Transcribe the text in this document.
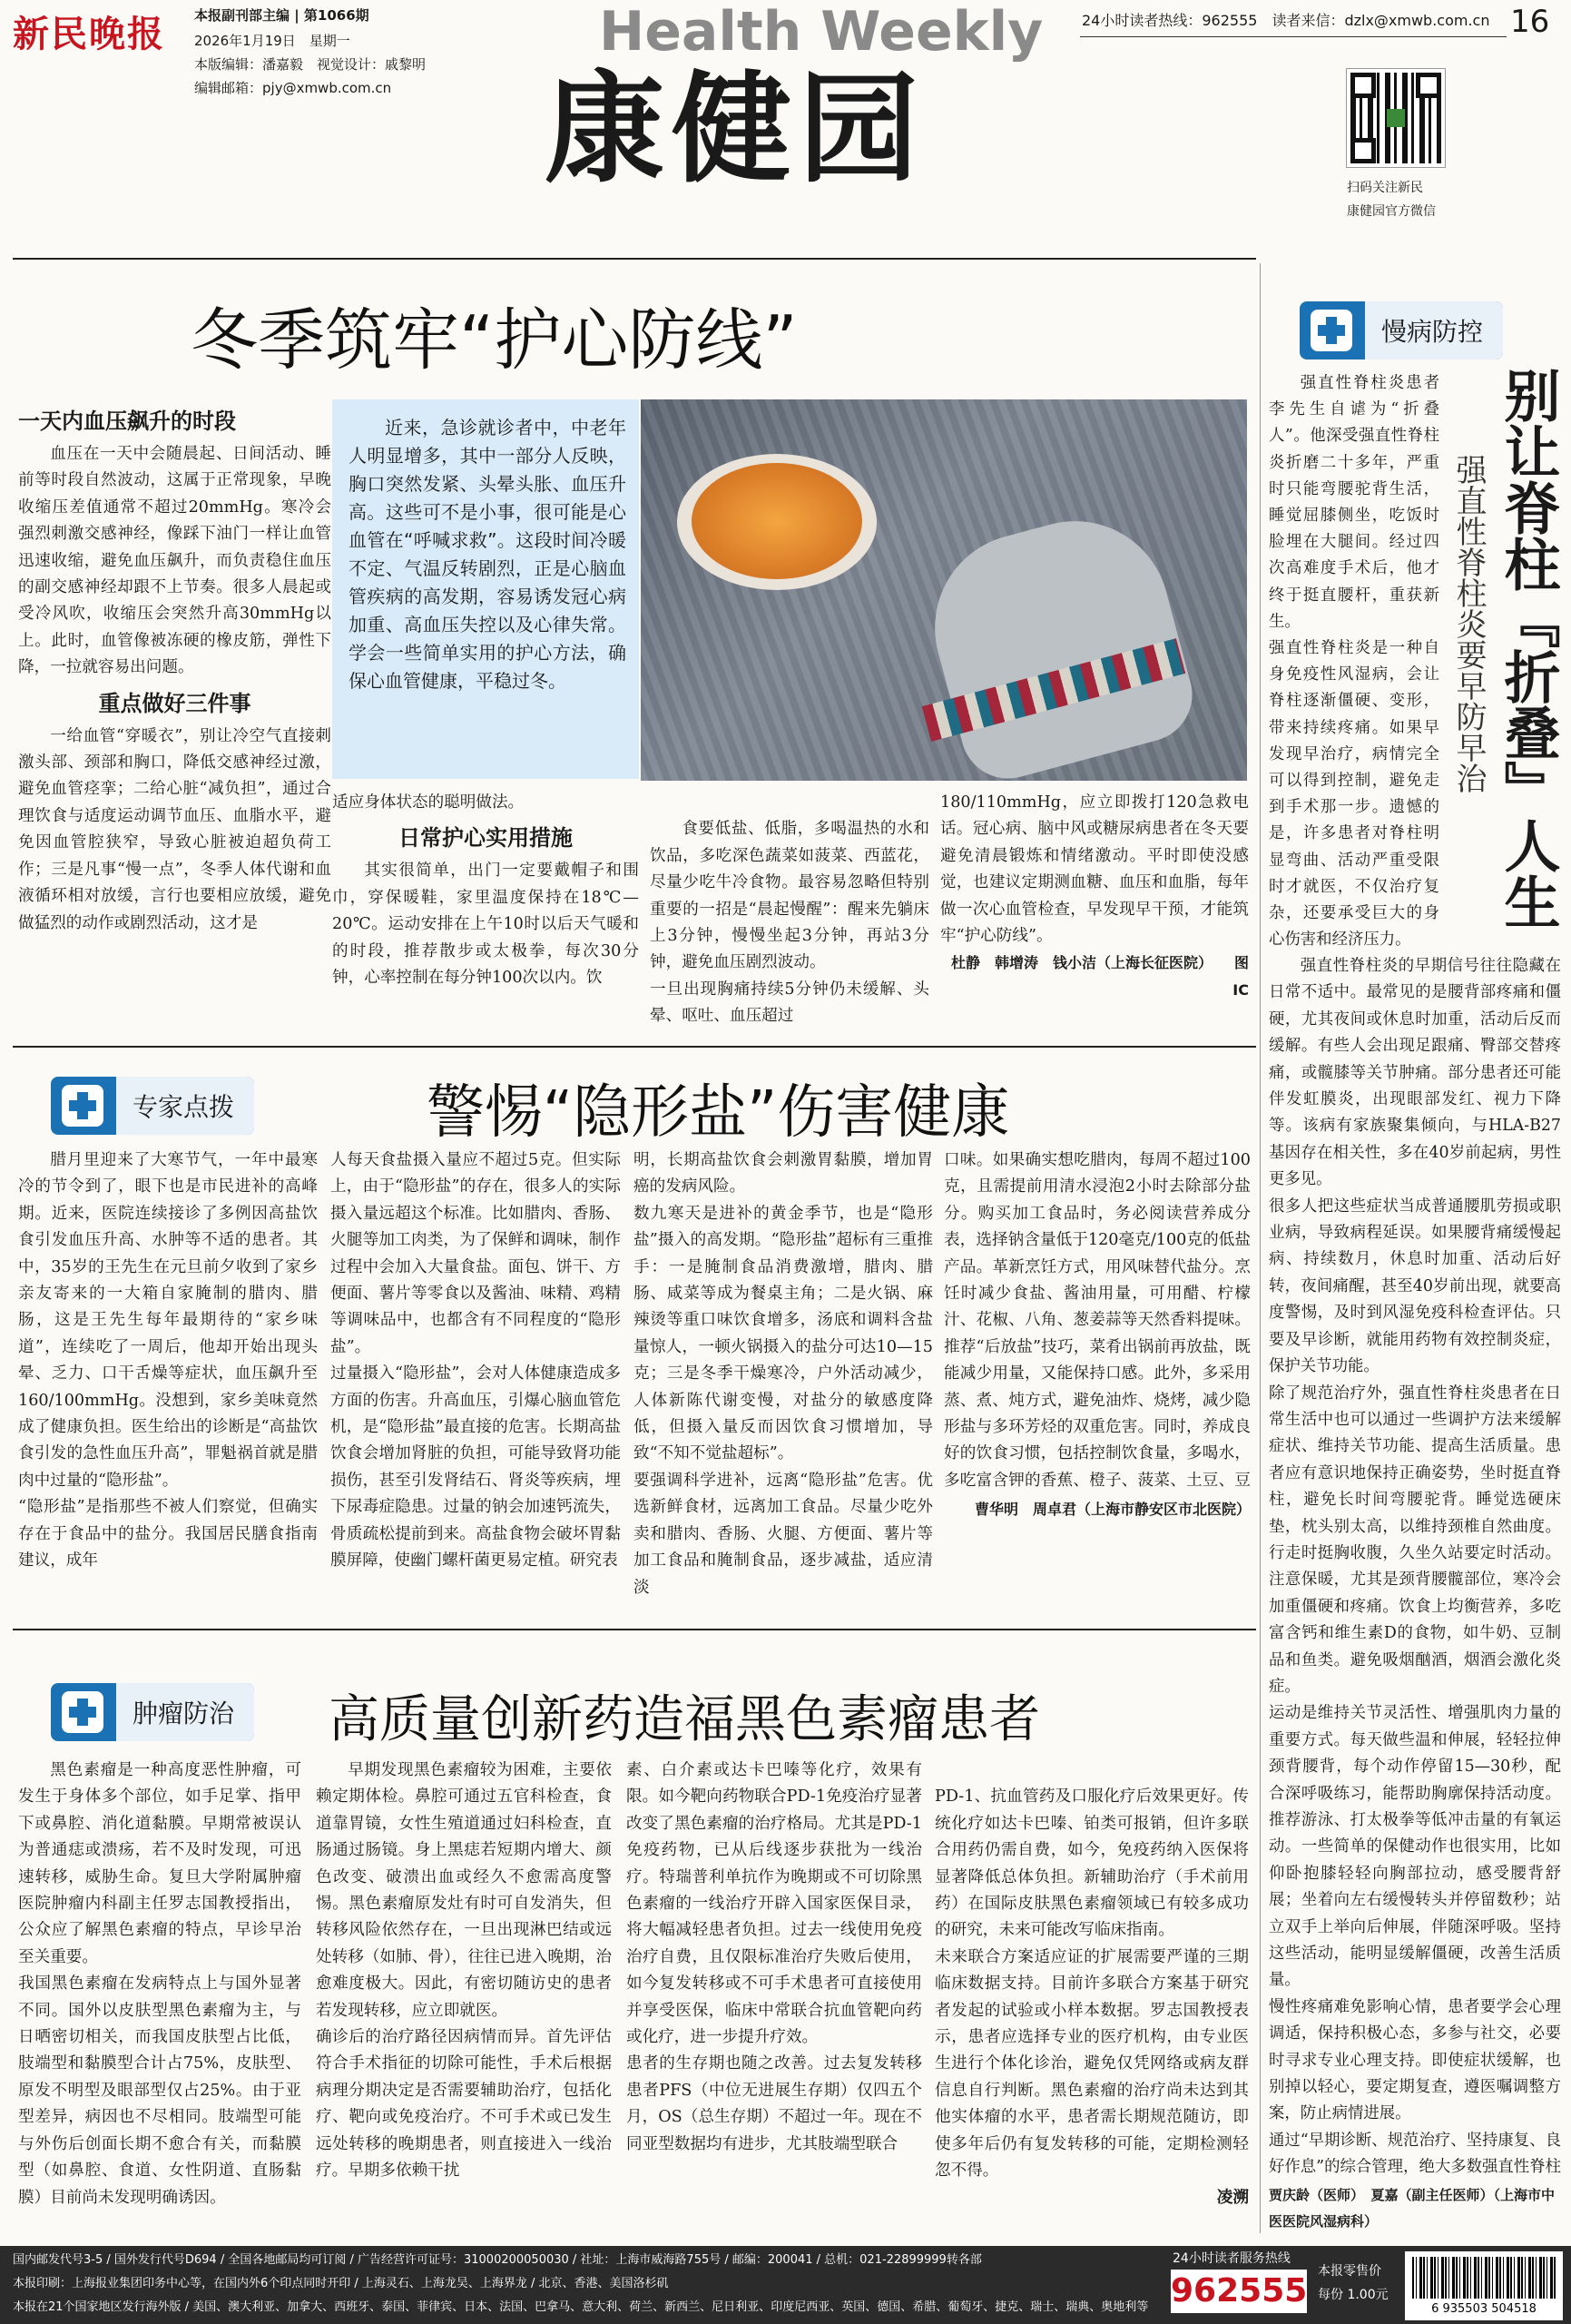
新民晚报 本报副刊部主编 | 第1066期
2026年1月19日　星期一
本版编辑：潘嘉毅　视觉设计：戚黎明
编辑邮箱：pjy@xmwb.com.cn
Health Weekly
康健园
24小时读者热线：962555　读者来信：dzlx@xmwb.com.cn 16
扫码关注新民
康健园官方微信
冬季筑牢“护心防线”
一天内血压飙升的时段

血压在一天中会随晨起、日间活动、睡前等时段自然波动，这属于正常现象，早晚收缩压差值通常不超过20mmHg。寒冷会强烈刺激交感神经，像踩下油门一样让血管迅速收缩，避免血压飙升，而负责稳住血压的副交感神经却跟不上节奏。很多人晨起或受冷风吹，收缩压会突然升高30mmHg以上。此时，血管像被冻硬的橡皮筋，弹性下降，一拉就容易出问题。

重点做好三件事

一给血管“穿暖衣”，别让冷空气直接刺激头部、颈部和胸口，降低交感神经过激，避免血管痉挛；二给心脏“减负担”，通过合理饮食与适度运动调节血压、血脂水平，避免因血管腔狭窄，导致心脏被迫超负荷工作；三是凡事“慢一点”，冬季人体代谢和血液循环相对放缓，言行也要相应放缓，避免做猛烈的动作或剧烈活动，这才是

近来，急诊就诊者中，中老年人明显增多，其中一部分人反映，胸口突然发紧、头晕头胀、血压升高。这些可不是小事，很可能是心血管在“呼喊求救”。这段时间冷暖不定、气温反转剧烈，正是心脑血管疾病的高发期，容易诱发冠心病加重、高血压失控以及心律失常。学会一些简单实用的护心方法，确保心血管健康，平稳过冬。

适应身体状态的聪明做法。

日常护心实用措施

其实很简单，出门一定要戴帽子和围巾，穿保暖鞋，家里温度保持在18℃—20℃。运动安排在上午10时以后天气暖和的时段，推荐散步或太极拳，每次30分钟，心率控制在每分钟100次以内。饮

食要低盐、低脂，多喝温热的水和饮品，多吃深色蔬菜如菠菜、西蓝花，尽量少吃牛冷食物。最容易忽略但特别重要的一招是“晨起慢醒”：醒来先躺床上3分钟，慢慢坐起3分钟，再站3分钟，避免血压剧烈波动。
一旦出现胸痛持续5分钟仍未缓解、头晕、呕吐、血压超过

180/110mmHg，应立即拨打120急救电话。冠心病、脑中风或糖尿病患者在冬天要避免清晨锻炼和情绪激动。平时即使没感觉，也建议定期测血糖、血压和血脂，每年做一次心血管检查，早发现早干预，才能筑牢“护心防线”。

杜静　韩增涛　钱小洁（上海长征医院）　　图 IC

专家点拨	警惕“隐形盐”伤害健康

腊月里迎来了大寒节气，一年中最寒冷的节令到了，眼下也是市民进补的高峰期。近来，医院连续接诊了多例因高盐饮食引发血压升高、水肿等不适的患者。其中，35岁的王先生在元旦前夕收到了家乡亲友寄来的一大箱自家腌制的腊肉、腊肠，这是王先生每年最期待的“家乡味道”，连续吃了一周后，他却开始出现头晕、乏力、口干舌燥等症状，血压飙升至160/100mmHg。没想到，家乡美味竟然成了健康负担。医生给出的诊断是“高盐饮食引发的急性血压升高”，罪魁祸首就是腊肉中过量的“隐形盐”。
“隐形盐”是指那些不被人们察觉，但确实存在于食品中的盐分。我国居民膳食指南建议，成年

人每天食盐摄入量应不超过5克。但实际上，由于“隐形盐”的存在，很多人的实际摄入量远超这个标准。比如腊肉、香肠、火腿等加工肉类，为了保鲜和调味，制作过程中会加入大量食盐。面包、饼干、方便面、薯片等零食以及酱油、味精、鸡精等调味品中，也都含有不同程度的“隐形盐”。
过量摄入“隐形盐”，会对人体健康造成多方面的伤害。升高血压，引爆心脑血管危机，是“隐形盐”最直接的危害。长期高盐饮食会增加肾脏的负担，可能导致肾功能损伤，甚至引发肾结石、肾炎等疾病，埋下尿毒症隐患。过量的钠会加速钙流失，骨质疏松提前到来。高盐食物会破坏胃黏膜屏障，使幽门螺杆菌更易定植。研究表

明，长期高盐饮食会刺激胃黏膜，增加胃癌的发病风险。
数九寒天是进补的黄金季节，也是“隐形盐”摄入的高发期。“隐形盐”超标有三重推手：一是腌制食品消费激增，腊肉、腊肠、咸菜等成为餐桌主角；二是火锅、麻辣烫等重口味饮食增多，汤底和调料含盐量惊人，一顿火锅摄入的盐分可达10—15克；三是冬季干燥寒冷，户外活动减少，人体新陈代谢变慢，对盐分的敏感度降低，但摄入量反而因饮食习惯增加，导致“不知不觉盐超标”。
要强调科学进补，远离“隐形盐”危害。优选新鲜食材，远离加工食品。尽量少吃外卖和腊肉、香肠、火腿、方便面、薯片等加工食品和腌制食品，逐步减盐，适应清淡

口味。如果确实想吃腊肉，每周不超过100克，且需提前用清水浸泡2小时去除部分盐分。购买加工食品时，务必阅读营养成分表，选择钠含量低于120毫克/100克的低盐产品。革新烹饪方式，用风味替代盐分。烹饪时减少食盐、酱油用量，可用醋、柠檬汁、花椒、八角、葱姜蒜等天然香料提味。推荐“后放盐”技巧，菜肴出锅前再放盐，既能减少用量，又能保持口感。此外，多采用蒸、煮、炖方式，避免油炸、烧烤，减少隐形盐与多环芳烃的双重危害。同时，养成良好的饮食习惯，包括控制饮食量，多喝水，多吃富含钾的香蕉、橙子、菠菜、土豆、豆

曹华明　周卓君（上海市静安区市北医院）

肿瘤防治	高质量创新药造福黑色素瘤患者

黑色素瘤是一种高度恶性肿瘤，可发生于身体多个部位，如手足掌、指甲下或鼻腔、消化道黏膜。早期常被误认为普通痣或溃疡，若不及时发现，可迅速转移，威胁生命。复旦大学附属肿瘤医院肿瘤内科副主任罗志国教授指出，公众应了解黑色素瘤的特点，早诊早治至关重要。
我国黑色素瘤在发病特点上与国外显著不同。国外以皮肤型黑色素瘤为主，与日晒密切相关，而我国皮肤型占比低，肢端型和黏膜型合计占75%，皮肤型、原发不明型及眼部型仅占25%。由于亚型差异，病因也不尽相同。肢端型可能与外伤后创面长期不愈合有关，而黏膜型（如鼻腔、食道、女性阴道、直肠黏膜）目前尚未发现明确诱因。

早期发现黑色素瘤较为困难，主要依赖定期体检。鼻腔可通过五官科检查，食道靠胃镜，女性生殖道通过妇科检查，直肠通过肠镜。身上黑痣若短期内增大、颜色改变、破溃出血或经久不愈需高度警惕。黑色素瘤原发灶有时可自发消失，但转移风险依然存在，一旦出现淋巴结或远处转移（如肺、骨），往往已进入晚期，治愈难度极大。因此，有密切随访史的患者若发现转移，应立即就医。
确诊后的治疗路径因病情而异。首先评估符合手术指征的切除可能性，手术后根据病理分期决定是否需要辅助治疗，包括化疗、靶向或免疫治疗。不可手术或已发生远处转移的晚期患者，则直接进入一线治疗。早期多依赖干扰

素、白介素或达卡巴嗪等化疗，效果有限。如今靶向药物联合PD-1免疫治疗显著改变了黑色素瘤的治疗格局。尤其是PD-1免疫药物，已从后线逐步获批为一线治疗。特瑞普利单抗作为晚期或不可切除黑色素瘤的一线治疗开辟入国家医保目录，将大幅减轻患者负担。过去一线使用免疫治疗自费，且仅限标准治疗失败后使用，如今复发转移或不可手术患者可直接使用并享受医保，临床中常联合抗血管靶向药或化疗，进一步提升疗效。
患者的生存期也随之改善。过去复发转移患者PFS（中位无进展生存期）仅四五个月，OS（总生存期）不超过一年。现在不同亚型数据均有进步，尤其肢端型联合

PD-1、抗血管药及口服化疗后效果更好。传统化疗如达卡巴嗪、铂类可报销，但许多联合用药仍需自费，如今，免疫药纳入医保将显著降低总体负担。新辅助治疗（手术前用药）在国际皮肤黑色素瘤领域已有较多成功的研究，未来可能改写临床指南。
未来联合方案适应证的扩展需要严谨的三期临床数据支持。目前许多联合方案基于研究者发起的试验或小样本数据。罗志国教授表示，患者应选择专业的医疗机构，由专业医生进行个体化诊治，避免仅凭网络或病友群信息自行判断。黑色素瘤的治疗尚未达到其他实体瘤的水平，患者需长期规范随访，即使多年后仍有复发转移的可能，定期检测轻忽不得。

凌溯

慢病防控
别让脊柱『折叠』人生
强直性脊柱炎要早防早治

强直性脊柱炎患者李先生自谑为“折叠人”。他深受强直性脊柱炎折磨二十多年，严重时只能弯腰驼背生活，睡觉屈膝侧坐，吃饭时脸埋在大腿间。经过四次高难度手术后，他才终于挺直腰杆，重获新生。
强直性脊柱炎是一种自身免疫性风湿病，会让脊柱逐渐僵硬、变形，带来持续疼痛。如果早发现早治疗，病情完全可以得到控制，避免走到手术那一步。遗憾的是，许多患者对脊柱明显弯曲、活动严重受限时才就医，不仅治疗复杂，还要承受巨大的身心伤害和经济压力。

强直性脊柱炎的早期信号往往隐藏在日常不适中。最常见的是腰背部疼痛和僵硬，尤其夜间或休息时加重，活动后反而缓解。有些人会出现足跟痛、臀部交替疼痛，或髋膝等关节肿痛。部分患者还可能伴发虹膜炎，出现眼部发红、视力下降等。该病有家族聚集倾向，与HLA-B27基因存在相关性，多在40岁前起病，男性更多见。
很多人把这些症状当成普通腰肌劳损或职业病，导致病程延误。如果腰背痛缓慢起病、持续数月，休息时加重、活动后好转，夜间痛醒，甚至40岁前出现，就要高度警惕，及时到风湿免疫科检查评估。只要及早诊断，就能用药物有效控制炎症，保护关节功能。
除了规范治疗外，强直性脊柱炎患者在日常生活中也可以通过一些调护方法来缓解症状、维持关节功能、提高生活质量。患者应有意识地保持正确姿势，坐时挺直脊柱，避免长时间弯腰驼背。睡觉选硬床垫，枕头别太高，以维持颈椎自然曲度。行走时挺胸收腹，久坐久站要定时活动。注意保暖，尤其是颈背腰髋部位，寒冷会加重僵硬和疼痛。饮食上均衡营养，多吃富含钙和维生素D的食物，如牛奶、豆制品和鱼类。避免吸烟酗酒，烟酒会激化炎症。
运动是维持关节灵活性、增强肌肉力量的重要方式。每天做些温和伸展，轻轻拉伸颈背腰背，每个动作停留15—30秒，配合深呼吸练习，能帮助胸廓保持活动度。推荐游泳、打太极拳等低冲击量的有氧运动。一些简单的保健动作也很实用，比如仰卧抱膝轻轻向胸部拉动，感受腰背舒展；坐着向左右缓慢转头并停留数秒；站立双手上举向后伸展，伴随深呼吸。坚持这些活动，能明显缓解僵硬，改善生活质量。
慢性疼痛难免影响心情，患者要学会心理调适，保持积极心态，多参与社交，必要时寻求专业心理支持。即使症状缓解，也别掉以轻心，要定期复查，遵医嘱调整方案，防止病情进展。
通过“早期诊断、规范治疗、坚持康复、良好作息”的综合管理，绝大多数强直性脊柱

贾庆龄（医师）　夏嘉（副主任医师）（上海市中医医院风湿病科）
国内邮发代号3-5 / 国外发行代号D694 / 全国各地邮局均可订阅 / 广告经营许可证号：310002000500​30 / 社址：上海市威海路755号 / 邮编：200041 / 总机：021-22899999转各部
本报印刷：上海报业集团印务中心等，在国内外6个印点同时开印 / 上海灵石、上海龙吴、上海界龙 / 北京、香港、美国洛杉矶
本报在21个国家地区发行海外版 / 美国、澳大利亚、加拿大、西班牙、泰国、菲律宾、日本、法国、巴拿马、意大利、荷兰、新西兰、尼日利亚、印度尼西亚、英国、德国、希腊、葡萄牙、捷克、瑞士、瑞典、奥地利等
24小时读者服务热线
962555
本报零售价
每份 1.00元
6 935503 504518
